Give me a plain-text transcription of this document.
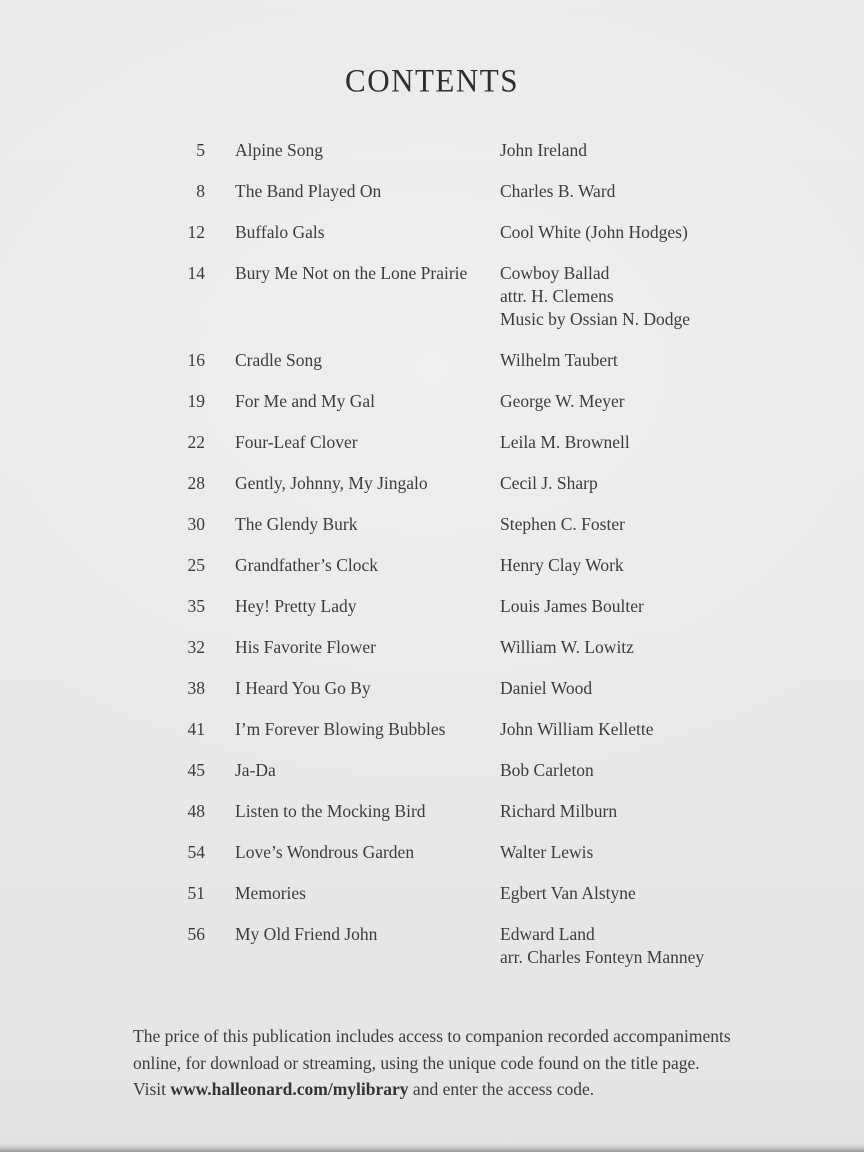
CONTENTS
5	Alpine Song	John Ireland
8	The Band Played On	Charles B. Ward
12	Buffalo Gals	Cool White (John Hodges)
14	Bury Me Not on the Lone Prairie	Cowboy Ballad
attr. H. Clemens
Music by Ossian N. Dodge
16	Cradle Song	Wilhelm Taubert
19	For Me and My Gal	George W. Meyer
22	Four-Leaf Clover	Leila M. Brownell
28	Gently, Johnny, My Jingalo	Cecil J. Sharp
30	The Glendy Burk	Stephen C. Foster
25	Grandfather’s Clock	Henry Clay Work
35	Hey! Pretty Lady	Louis James Boulter
32	His Favorite Flower	William W. Lowitz
38	I Heard You Go By	Daniel Wood
41	I’m Forever Blowing Bubbles	John William Kellette
45	Ja-Da	Bob Carleton
48	Listen to the Mocking Bird	Richard Milburn
54	Love’s Wondrous Garden	Walter Lewis
51	Memories	Egbert Van Alstyne
56	My Old Friend John	Edward Land
arr. Charles Fonteyn Manney
The price of this publication includes access to companion recorded accompaniments
online, for download or streaming, using the unique code found on the title page.
Visit www.halleonard.com/mylibrary and enter the access code.
